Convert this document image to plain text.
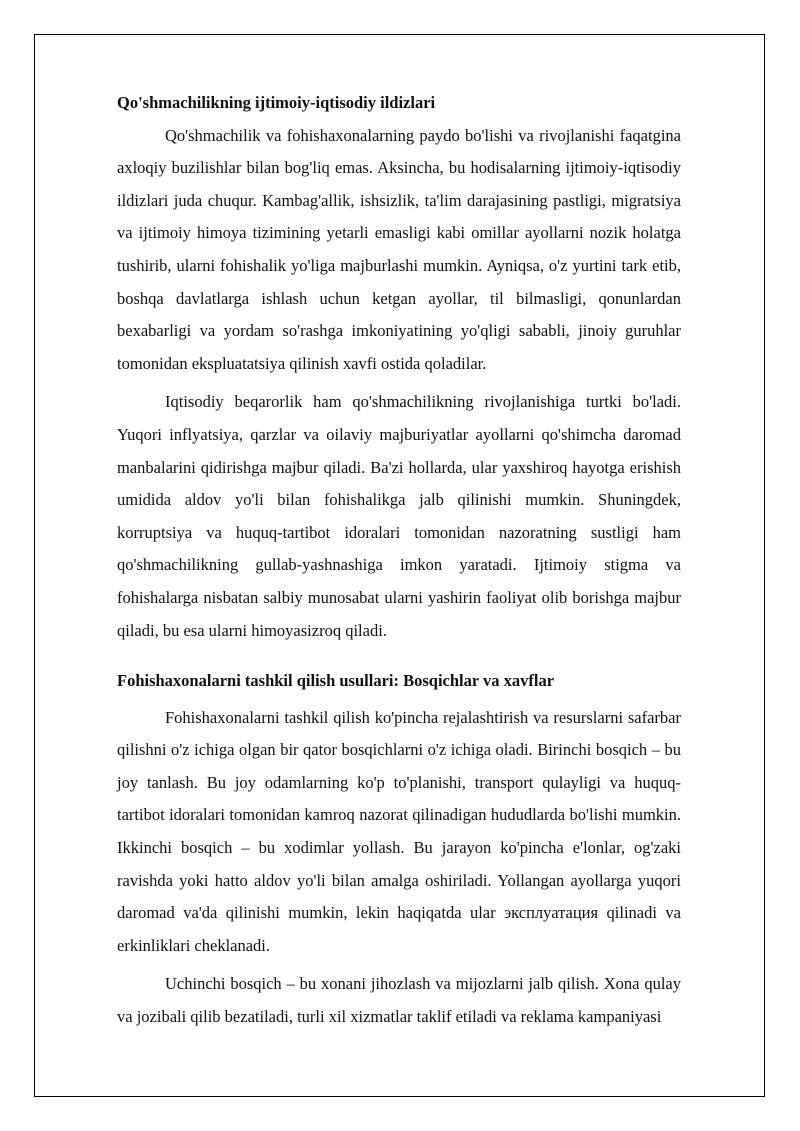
Qo'shmachilikning ijtimoiy-iqtisodiy ildizlari

Qo'shmachilik va fohishaxonalarning paydo bo'lishi va rivojlanishi faqatgina axloqiy buzilishlar bilan bog'liq emas. Aksincha, bu hodisalarning ijtimoiy-iqtisodiy ildizlari juda chuqur. Kambag'allik, ishsizlik, ta'lim darajasining pastligi, migratsiya va ijtimoiy himoya tizimining yetarli emasligi kabi omillar ayollarni nozik holatga tushirib, ularni fohishalik yo'liga majburlashi mumkin. Ayniqsa, o'z yurtini tark etib, boshqa davlatlarga ishlash uchun ketgan ayollar, til bilmasligi, qonunlardan bexabarligi va yordam so'rashga imkoniyatining yo'qligi sababli, jinoiy guruhlar tomonidan ekspluatatsiya qilinish xavfi ostida qoladilar.

Iqtisodiy beqarorlik ham qo'shmachilikning rivojlanishiga turtki bo'ladi. Yuqori inflyatsiya, qarzlar va oilaviy majburiyatlar ayollarni qo'shimcha daromad manbalarini qidirishga majbur qiladi. Ba'zi hollarda, ular yaxshiroq hayotga erishish umidida aldov yo'li bilan fohishalikga jalb qilinishi mumkin. Shuningdek, korruptsiya va huquq-tartibot idoralari tomonidan nazoratning sustligi ham qo'shmachilikning gullab-yashnashiga imkon yaratadi. Ijtimoiy stigma va fohishalarga nisbatan salbiy munosabat ularni yashirin faoliyat olib borishga majbur qiladi, bu esa ularni himoyasizroq qiladi.

Fohishaxonalarni tashkil qilish usullari: Bosqichlar va xavflar

Fohishaxonalarni tashkil qilish ko'pincha rejalashtirish va resurslarni safarbar qilishni o'z ichiga olgan bir qator bosqichlarni o'z ichiga oladi. Birinchi bosqich – bu joy tanlash. Bu joy odamlarning ko'p to'planishi, transport qulayligi va huquq-tartibot idoralari tomonidan kamroq nazorat qilinadigan hududlarda bo'lishi mumkin. Ikkinchi bosqich – bu xodimlar yollash. Bu jarayon ko'pincha e'lonlar, og'zaki ravishda yoki hatto aldov yo'li bilan amalga oshiriladi. Yollangan ayollarga yuqori daromad va'da qilinishi mumkin, lekin haqiqatda ular эксплуатация qilinadi va erkinliklari cheklanadi.

Uchinchi bosqich – bu xonani jihozlash va mijozlarni jalb qilish. Xona qulay va jozibali qilib bezatiladi, turli xil xizmatlar taklif etiladi va reklama kampaniyasi
